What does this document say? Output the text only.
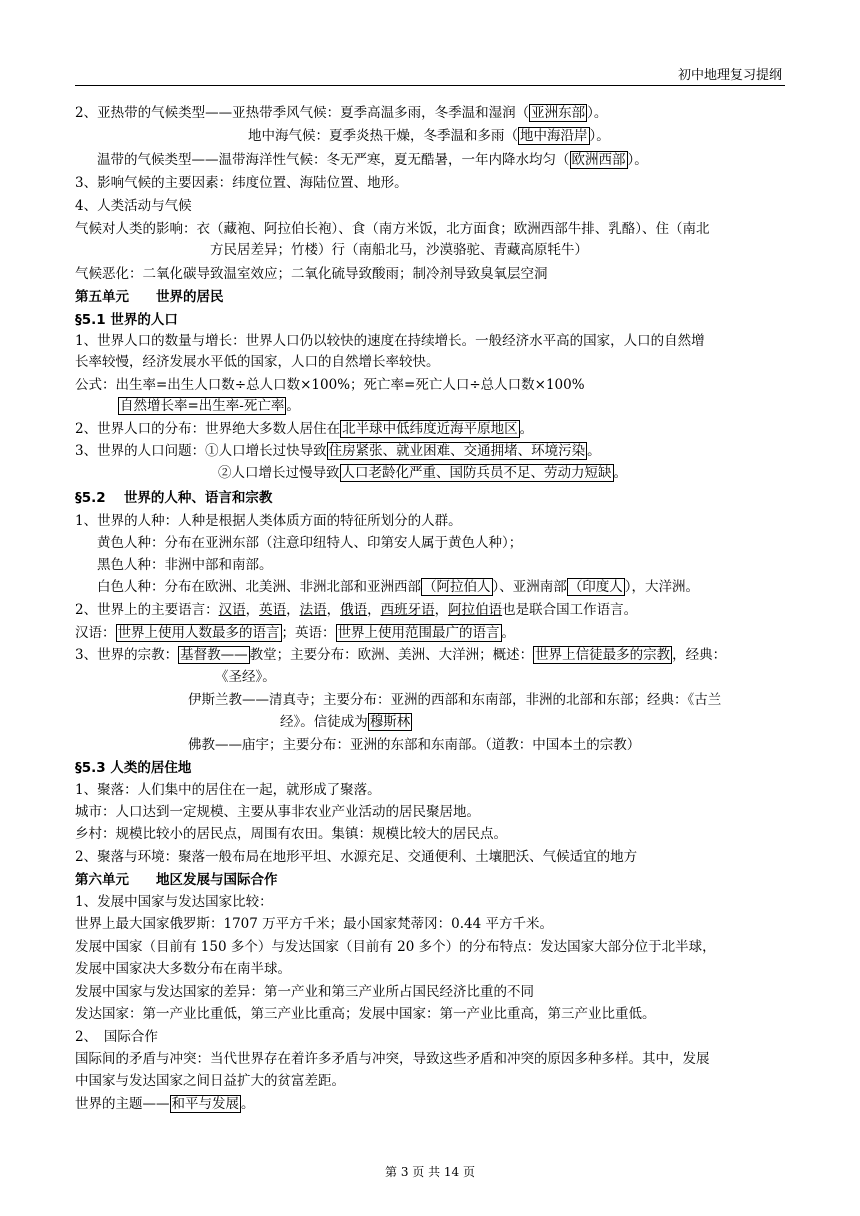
初中地理复习提纲
2、亚热带的气候类型——亚热带季风气候：夏季高温多雨，冬季温和湿润（ 亚洲东部 ）。
地中海气候：夏季炎热干燥，冬季温和多雨（ 地中海沿岸 ）。
温带的气候类型——温带海洋性气候：冬无严寒，夏无酷暑，一年内降水均匀（ 欧洲西部 ）。
3、影响气候的主要因素：纬度位置、海陆位置、地形。
4、人类活动与气候
气候对人类的影响：衣（藏袍、阿拉伯长袍）、食（南方米饭，北方面食；欧洲西部牛排、乳酪）、住（南北
方民居差异；竹楼）行（南船北马，沙漠骆驼、青藏高原牦牛）
气候恶化：二氧化碳导致温室效应；二氧化硫导致酸雨；制冷剂导致臭氧层空洞
第五单元　　世界的居民
§5.1 世界的人口
1、世界人口的数量与增长：世界人口仍以较快的速度在持续增长。一般经济水平高的国家，人口的自然增
长率较慢，经济发展水平低的国家，人口的自然增长率较快。
公式：出生率=出生人口数÷总人口数×100%；死亡率=死亡人口÷总人口数×100%
自然增长率=出生率-死亡率 。
2、世界人口的分布：世界绝大多数人居住在 北半球中低纬度近海平原地区 。
3、世界的人口问题：①人口增长过快导致 住房紧张、就业困难、交通拥堵、环境污染 。
②人口增长过慢导致 人口老龄化严重、国防兵员不足、劳动力短缺 。
§5.2　 世界的人种、语言和宗教
1、世界的人种：人种是根据人类体质方面的特征所划分的人群。
黄色人种：分布在亚洲东部（注意印纽特人、印第安人属于黄色人种）；
黑色人种：非洲中部和南部。
白色人种：分布在欧洲、北美洲、非洲北部和亚洲西部 （阿拉伯人 ）、亚洲南部 （印度人 ），大洋洲。
2、世界上的主要语言：汉语，英语，法语，俄语，西班牙语，阿拉伯语也是联合国工作语言。
汉语： 世界上使用人数最多的语言 ；英语： 世界上使用范围最广的语言 。
3、世界的宗教： 基督教—— 教堂；主要分布：欧洲、美洲、大洋洲；概述： 世界上信徒最多的宗教 ，经典：
《圣经》。
伊斯兰教——清真寺；主要分布：亚洲的西部和东南部，非洲的北部和东部；经典：《古兰
经》。信徒成为 穆斯林
佛教——庙宇；主要分布：亚洲的东部和东南部。（道教：中国本土的宗教）
§5.3 人类的居住地
1、聚落：人们集中的居住在一起，就形成了聚落。
城市：人口达到一定规模、主要从事非农业产业活动的居民聚居地。
乡村：规模比较小的居民点，周围有农田。集镇：规模比较大的居民点。
2、聚落与环境：聚落一般布局在地形平坦、水源充足、交通便利、土壤肥沃、气候适宜的地方
第六单元　　地区发展与国际合作
1、发展中国家与发达国家比较：
世界上最大国家俄罗斯：1707 万平方千米；最小国家梵蒂冈：0.44 平方千米。
发展中国家（目前有 150 多个）与发达国家（目前有 20 多个）的分布特点：发达国家大部分位于北半球，
发展中国家决大多数分布在南半球。
发展中国家与发达国家的差异：第一产业和第三产业所占国民经济比重的不同
发达国家：第一产业比重低，第三产业比重高；发展中国家：第一产业比重高，第三产业比重低。
2、　国际合作
国际间的矛盾与冲突：当代世界存在着许多矛盾与冲突，导致这些矛盾和冲突的原因多种多样。其中，发展
中国家与发达国家之间日益扩大的贫富差距。
世界的主题—— 和平与发展 。
第 3 页 共 14 页
